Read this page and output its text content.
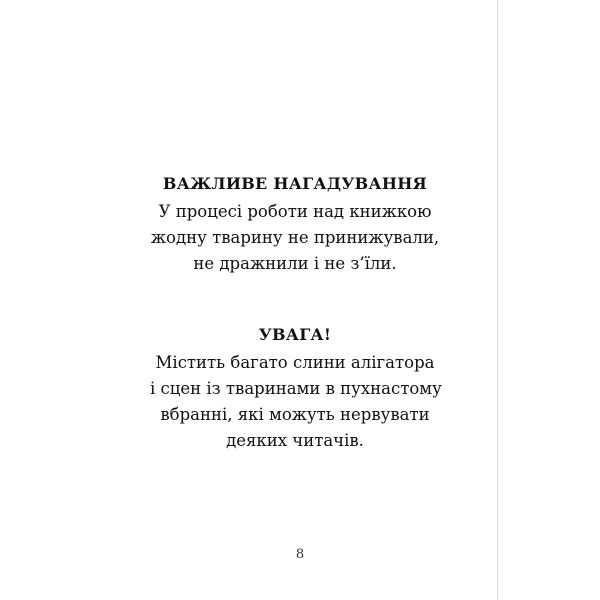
ВАЖЛИВЕ НАГАДУВАННЯ
У процесі роботи над книжкою
жодну тварину не принижували,
не дражнили і не з’їли.
УВАГА!
Містить багато слини алігатора
і сцен із тваринами в пухнастому
вбранні, які можуть нервувати
деяких читачів.
8
